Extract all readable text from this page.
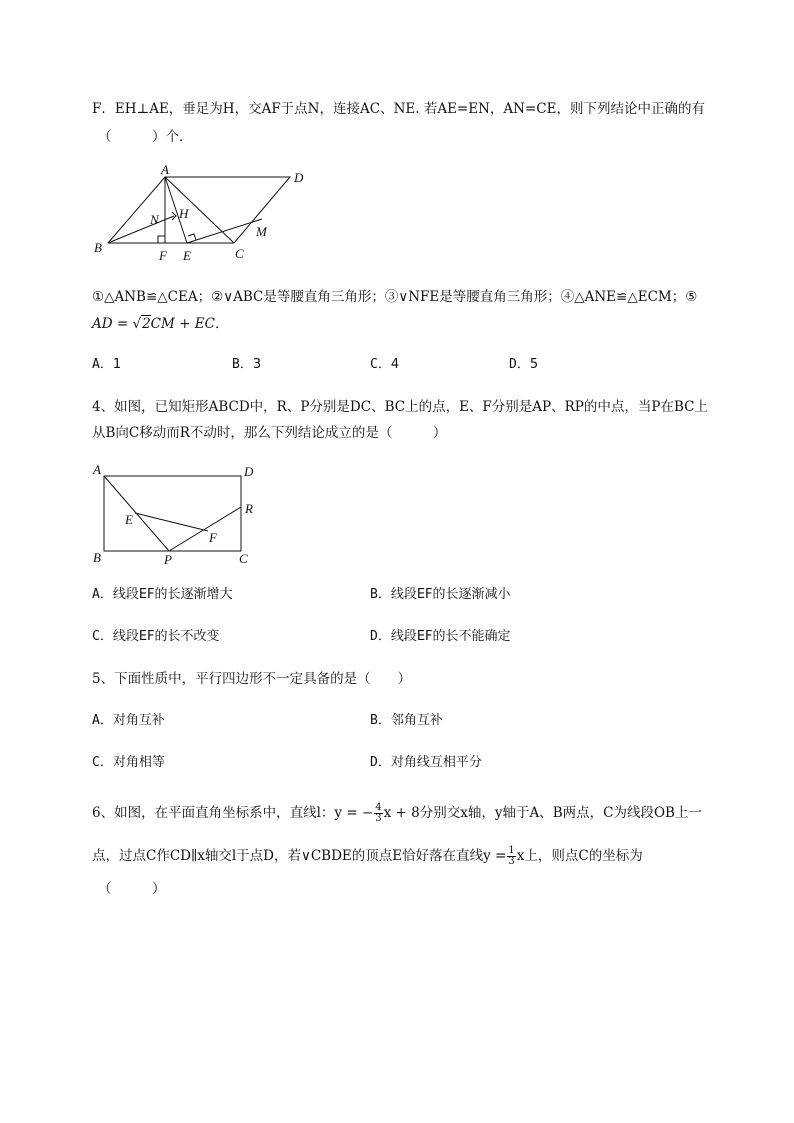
F．EH⊥AE，垂足为H，交AF于点N，连接AC、NE. 若AE=EN，AN=CE，则下列结论中正确的有
（　　　）个．
A
D
H
N
M
B
F E	C
①△ANB≌△CEA；②∨ABC是等腰直角三角形；③∨NFE是等腰直角三角形；④△ANE≌△ECM；⑤
AD = √2CM + EC．
A．1	B．3	C．4	D．5
4、如图，已知矩形ABCD中，R、P分别是DC、BC上的点，E、F分别是AP、RP的中点，当P在BC上
从B向C移动而R不动时，那么下列结论成立的是（　　　）
A	D
R
E
F
B	P	C
A．线段EF的长逐渐增大	B．线段EF的长逐渐减小
C．线段EF的长不改变	D．线段EF的长不能确定
5、下面性质中，平行四边形不一定具备的是（　　）
A．对角互补	B．邻角互补
C．对角相等	D．对角线互相平分
6、如图，在平面直角坐标系中，直线l：y = − $\frac{4}{3}$ x + 8分别交x轴，y轴于A、B两点，C为线段OB上一
点，过点C作CD∥x轴交l于点D，若∨CBDE的顶点E恰好落在直线$y = \frac{1}{3}$ x上，则点C的坐标为
（　　　）
